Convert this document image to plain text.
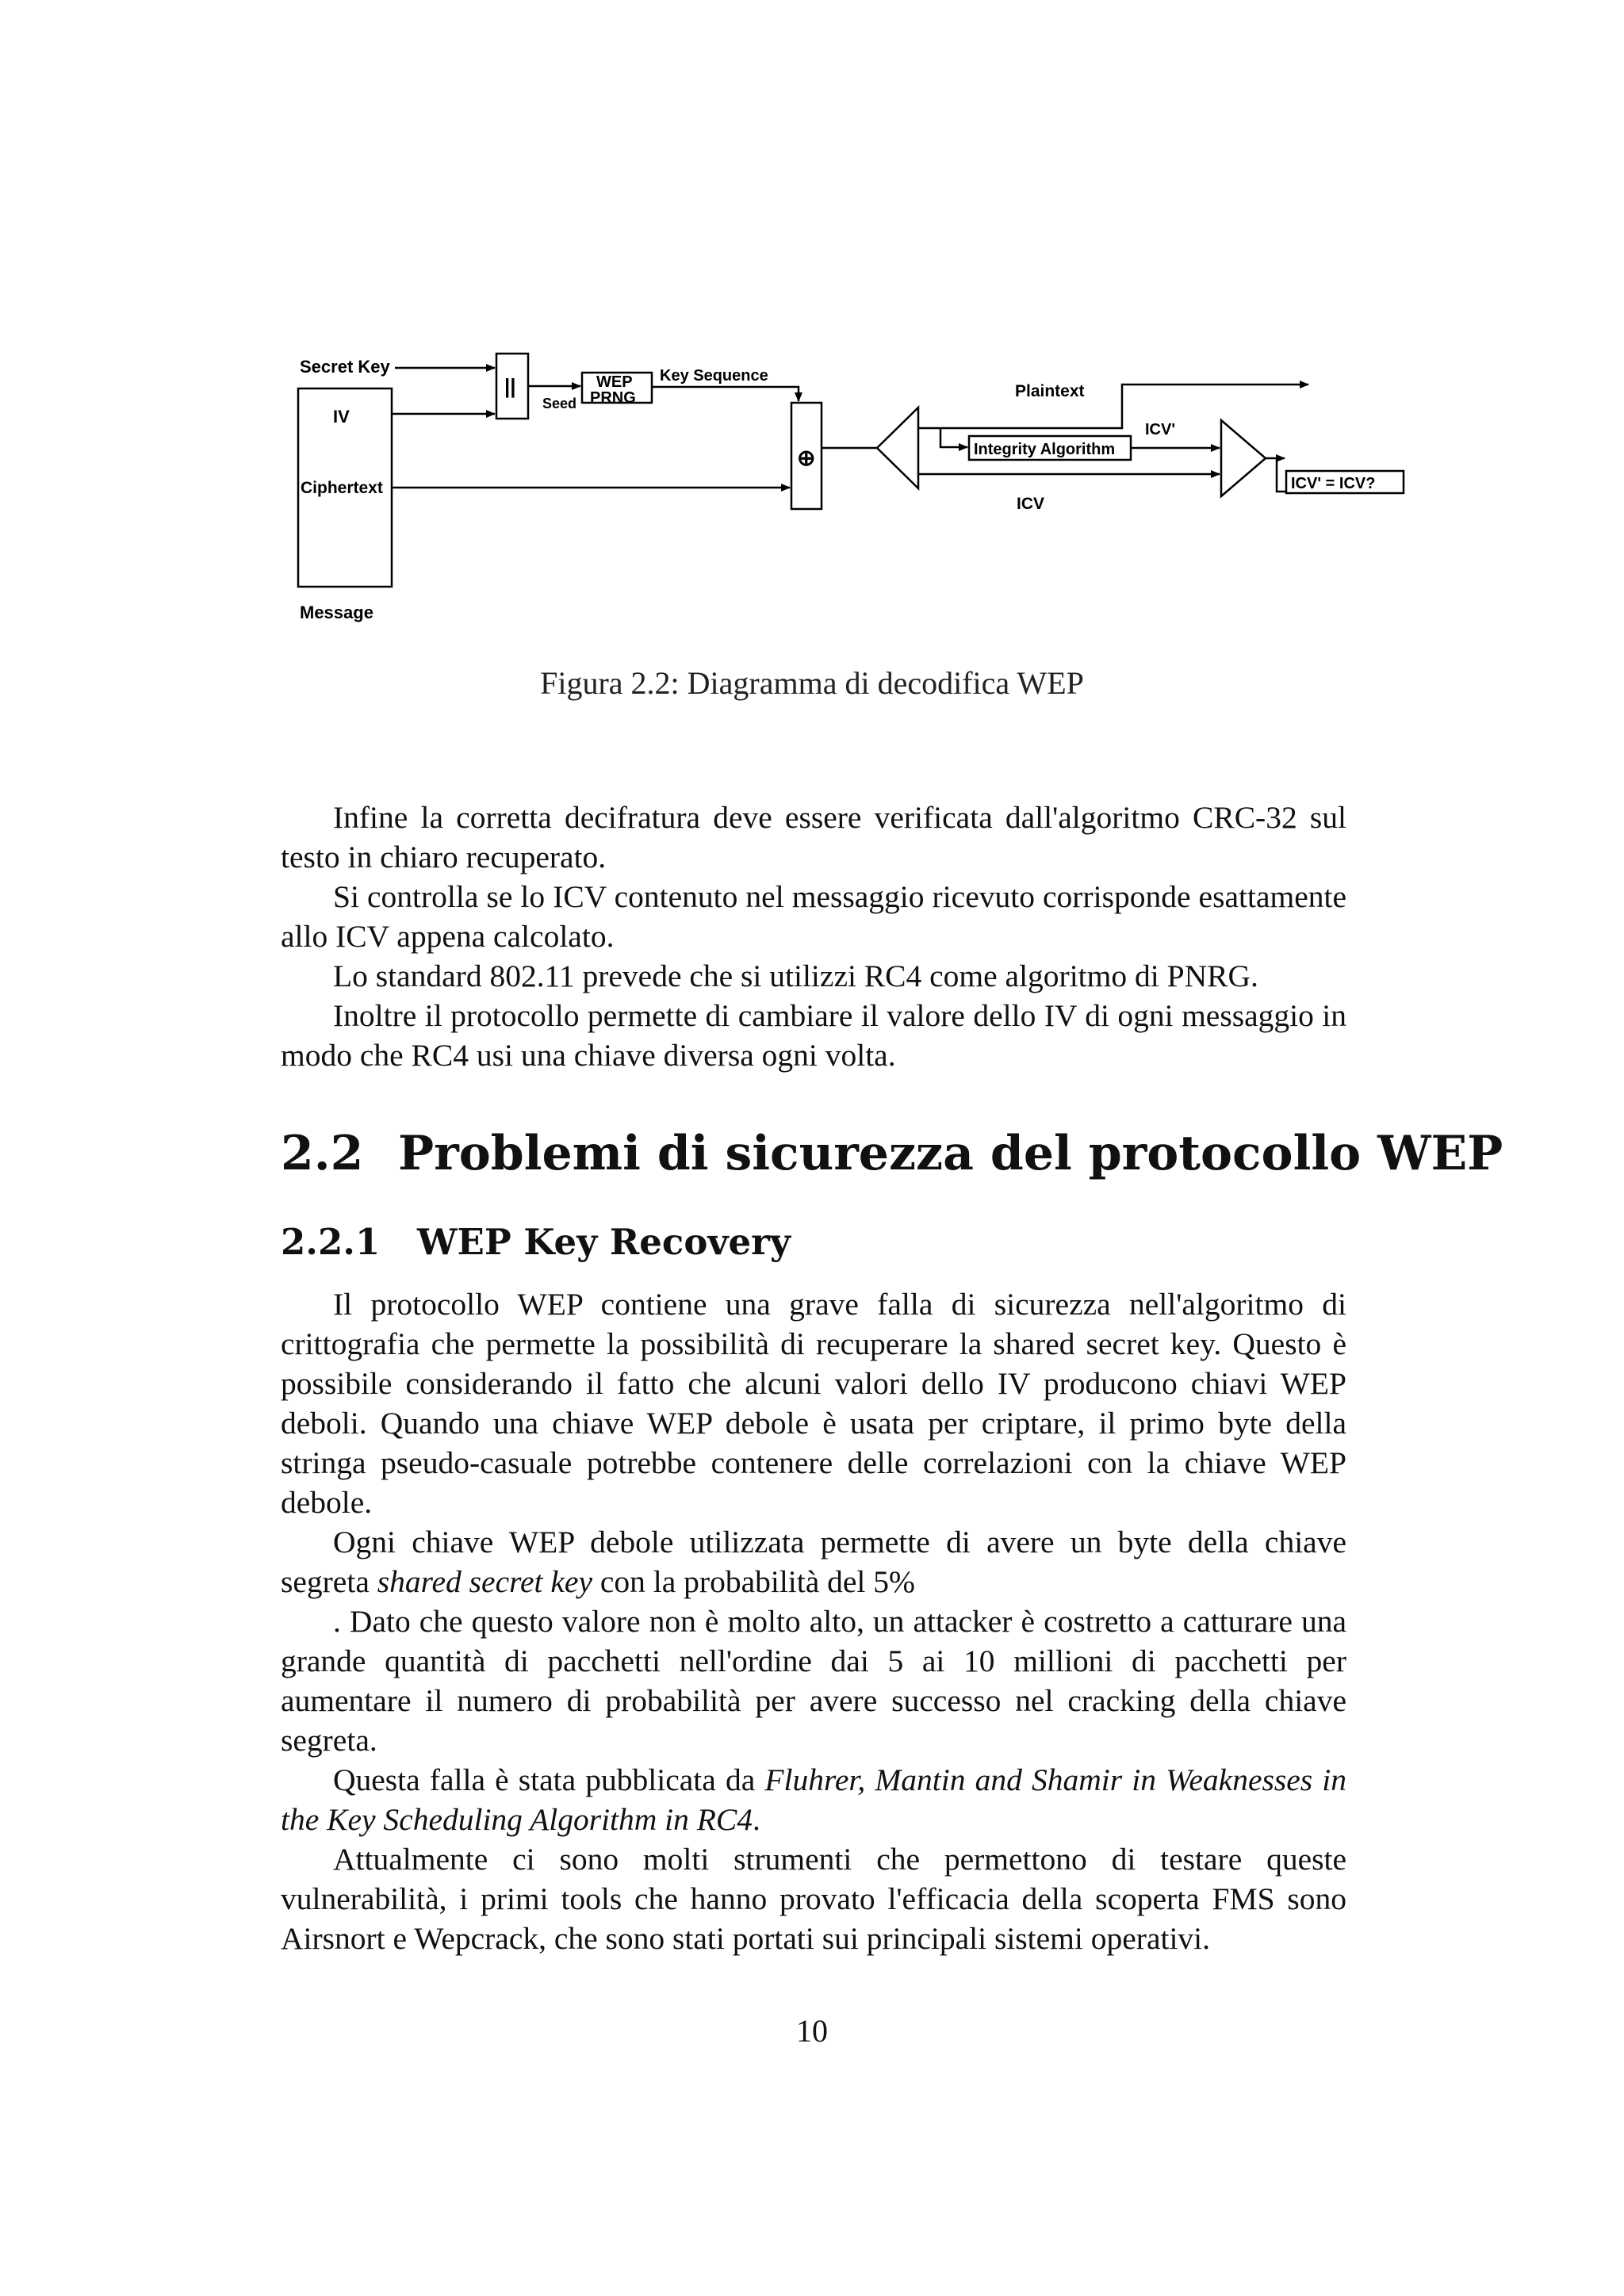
Secret Key
IV
Ciphertext
Message
||
Seed
WEP
PRNG
Key Sequence
⊕
Plaintext
Integrity Algorithm
ICV'
ICV
ICV' = ICV?
Figura 2.2: Diagramma di decodifica WEP

Infine la corretta decifratura deve essere verificata dall'algoritmo CRC-32 sul testo in chiaro recuperato.

Si controlla se lo ICV contenuto nel messaggio ricevuto corrisponde esattamente allo ICV appena calcolato.

Lo standard 802.11 prevede che si utilizzi RC4 come algoritmo di PNRG.

Inoltre il protocollo permette di cambiare il valore dello IV di ogni messaggio in modo che RC4 usi una chiave diversa ogni volta.

2.2 Problemi di sicurezza del protocollo WEP
2.2.1 WEP Key Recovery

Il protocollo WEP contiene una grave falla di sicurezza nell'algoritmo di crittografia che permette la possibilità di recuperare la shared secret key. Questo è possibile considerando il fatto che alcuni valori dello IV producono chiavi WEP deboli. Quando una chiave WEP debole è usata per criptare, il primo byte della stringa pseudo-casuale potrebbe contenere delle correlazioni con la chiave WEP debole.

Ogni chiave WEP debole utilizzata permette di avere un byte della chiave segreta shared secret key con la probabilità del 5%

. Dato che questo valore non è molto alto, un attacker è costretto a catturare una grande quantità di pacchetti nell'ordine dai 5 ai 10 millioni di pacchetti per aumentare il numero di probabilità per avere successo nel cracking della chiave segreta.

Questa falla è stata pubblicata da Fluhrer, Mantin and Shamir in Weaknesses in the Key Scheduling Algorithm in RC4.

Attualmente ci sono molti strumenti che permettono di testare queste vulnerabilità, i primi tools che hanno provato l'efficacia della scoperta FMS sono Airsnort e Wepcrack, che sono stati portati sui principali sistemi operativi.

10
